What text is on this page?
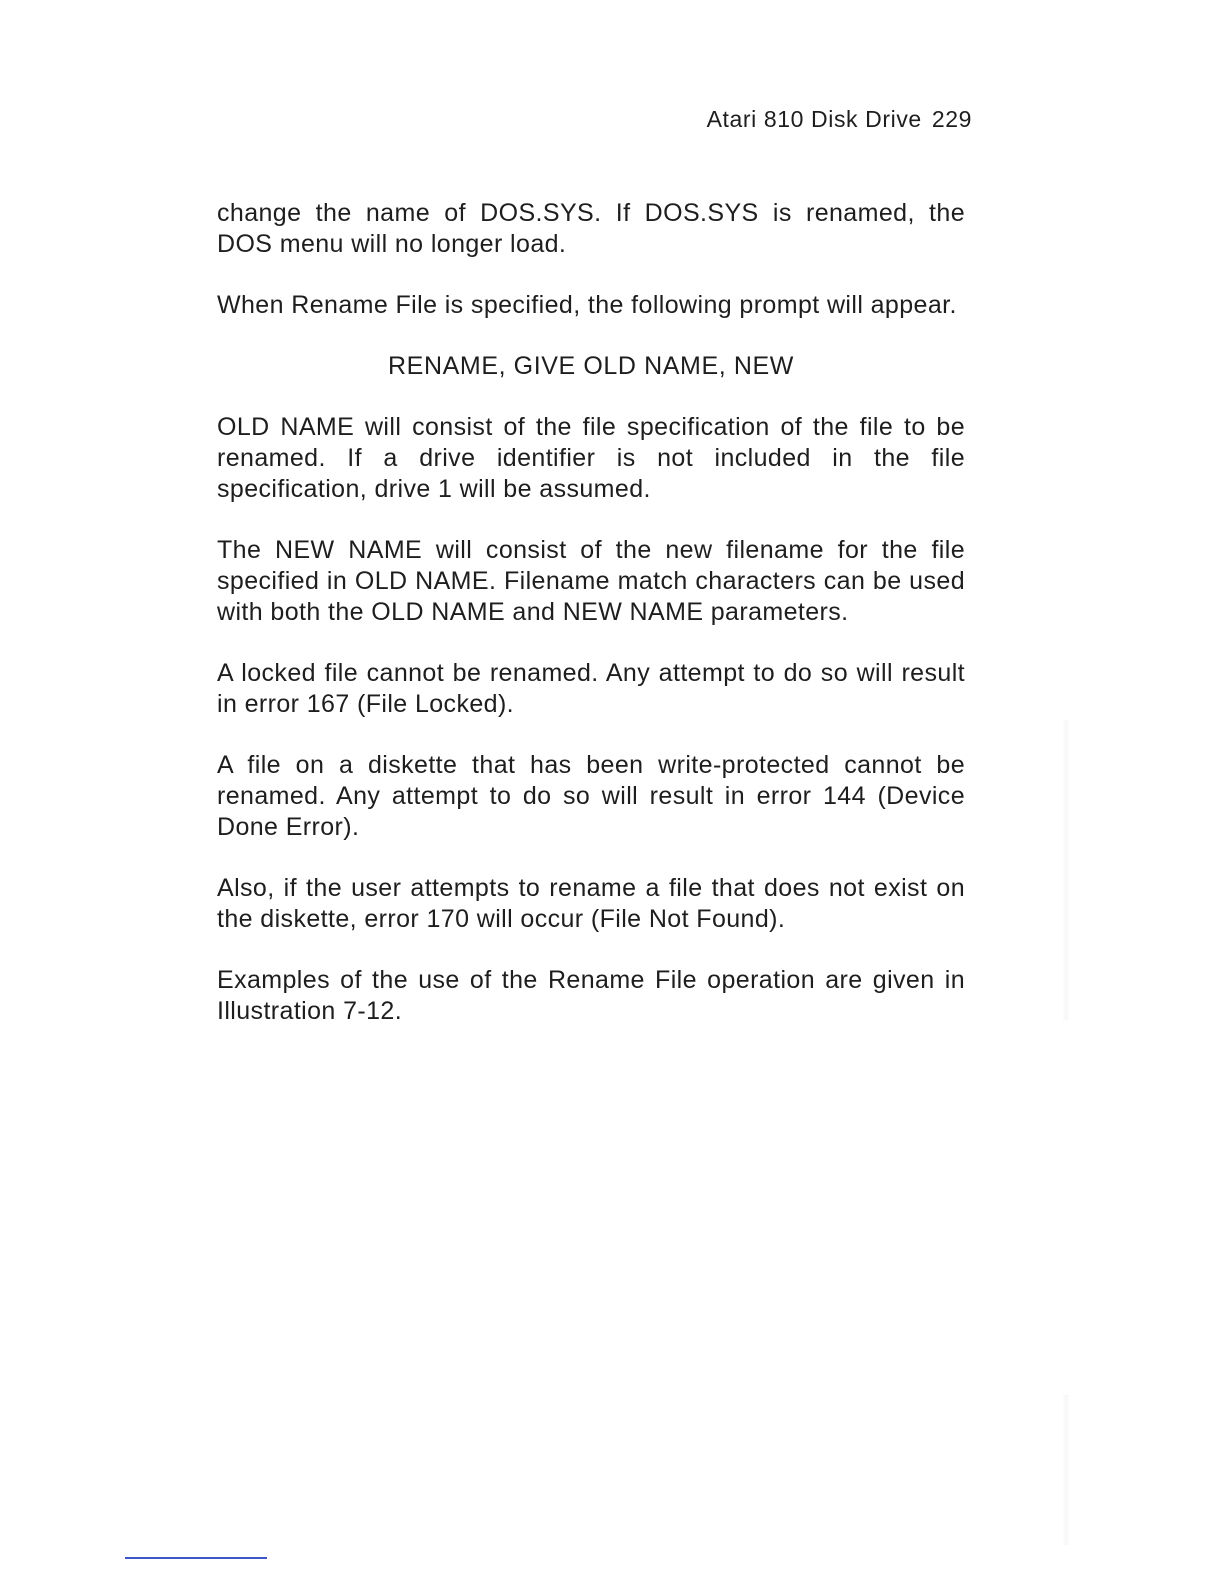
Atari 810 Disk Drive 229

change the name of DOS.SYS. If DOS.SYS is renamed, the DOS menu will no longer load.

When Rename File is specified, the following prompt will appear.

RENAME, GIVE OLD NAME, NEW

OLD NAME will consist of the file specification of the file to be renamed. If a drive identifier is not included in the file specification, drive 1 will be assumed.

The NEW NAME will consist of the new filename for the file specified in OLD NAME. Filename match characters can be used with both the OLD NAME and NEW NAME parameters.

A locked file cannot be renamed. Any attempt to do so will result in error 167 (File Locked).

A file on a diskette that has been write-protected cannot be renamed. Any attempt to do so will result in error 144 (Device Done Error).

Also, if the user attempts to rename a file that does not exist on the diskette, error 170 will occur (File Not Found).

Examples of the use of the Rename File operation are given in Illustration 7-12.
